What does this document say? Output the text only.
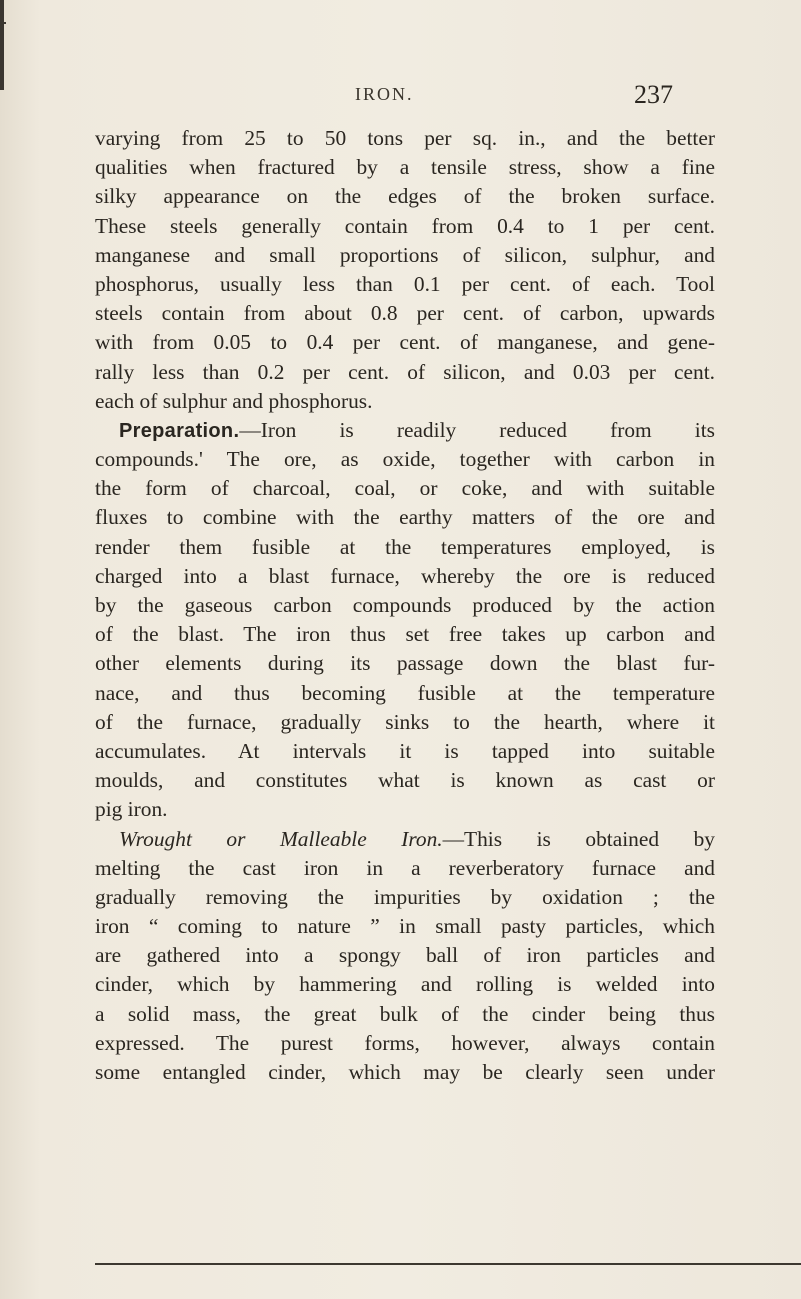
IRON.	237
varying from 25 to 50 tons per sq. in., and the better
qualities when fractured by a tensile stress, show a fine
silky appearance on the edges of the broken surface.
These steels generally contain from 0.4 to 1 per cent.
manganese and small proportions of silicon, sulphur, and
phosphorus, usually less than 0.1 per cent. of each. Tool
steels contain from about 0.8 per cent. of carbon, upwards
with from 0.05 to 0.4 per cent. of manganese, and gene-
rally less than 0.2 per cent. of silicon, and 0.03 per cent.
each of sulphur and phosphorus.
Preparation.—Iron is readily reduced from its
compounds.' The ore, as oxide, together with carbon in
the form of charcoal, coal, or coke, and with suitable
fluxes to combine with the earthy matters of the ore and
render them fusible at the temperatures employed, is
charged into a blast furnace, whereby the ore is reduced
by the gaseous carbon compounds produced by the action
of the blast. The iron thus set free takes up carbon and
other elements during its passage down the blast fur-
nace, and thus becoming fusible at the temperature
of the furnace, gradually sinks to the hearth, where it
accumulates. At intervals it is tapped into suitable
moulds, and constitutes what is known as cast or
pig iron.
Wrought or Malleable Iron.—This is obtained by
melting the cast iron in a reverberatory furnace and
gradually removing the impurities by oxidation ; the
iron “ coming to nature ” in small pasty particles, which
are gathered into a spongy ball of iron particles and
cinder, which by hammering and rolling is welded into
a solid mass, the great bulk of the cinder being thus
expressed. The purest forms, however, always contain
some entangled cinder, which may be clearly seen under
